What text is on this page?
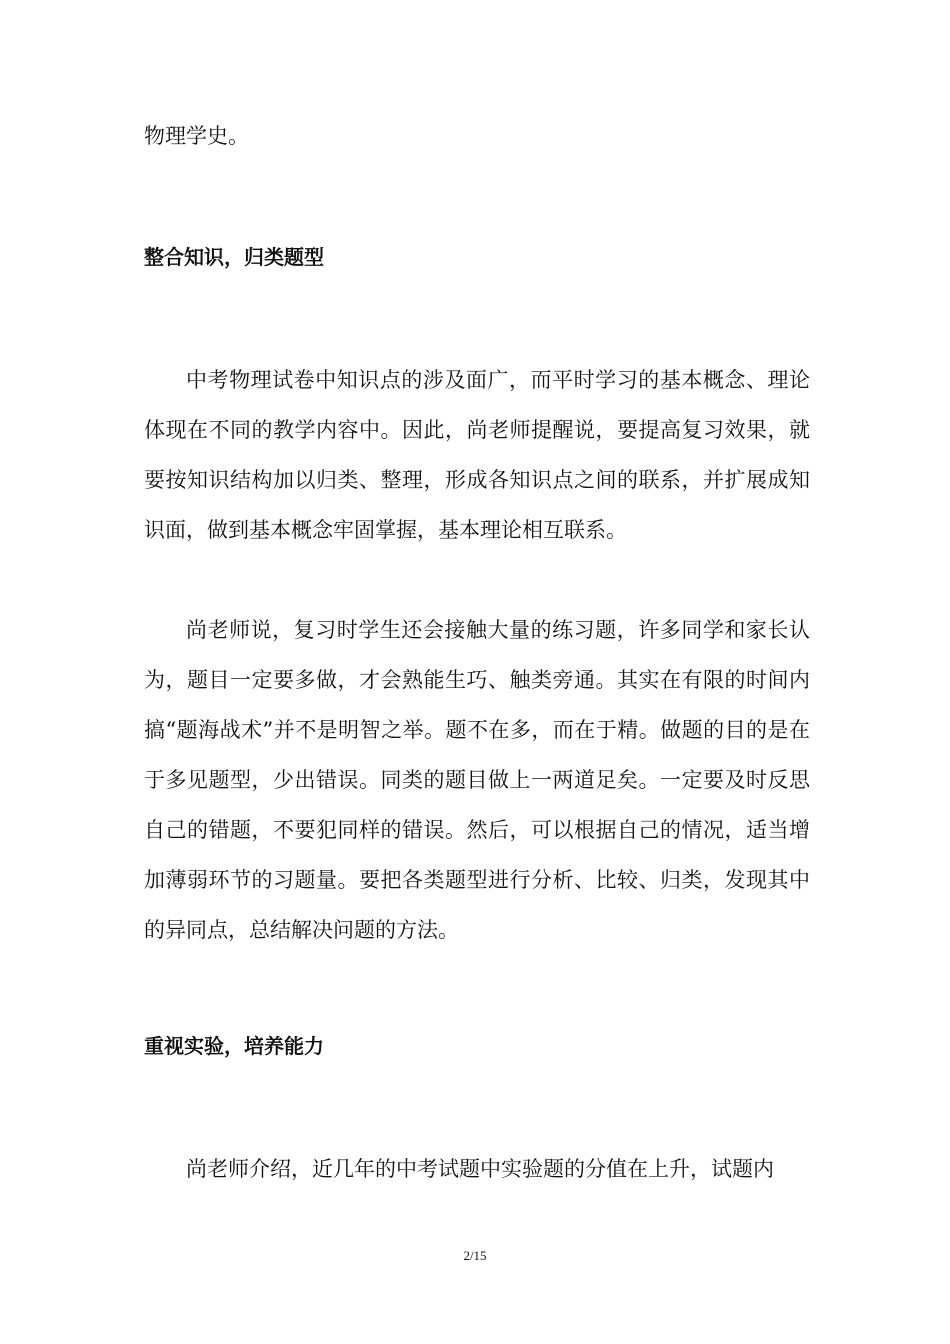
物理学史。
整合知识，归类题型

中考物理试卷中知识点的涉及面广，而平时学习的基本概念、理论体现在不同的教学内容中。因此，尚老师提醒说，要提高复习效果，就要按知识结构加以归类、整理，形成各知识点之间的联系，并扩展成知识面，做到基本概念牢固掌握，基本理论相互联系。

尚老师说，复习时学生还会接触大量的练习题，许多同学和家长认为，题目一定要多做，才会熟能生巧、触类旁通。其实在有限的时间内搞“题海战术”并不是明智之举。题不在多，而在于精。做题的目的是在于多见题型，少出错误。同类的题目做上一两道足矣。一定要及时反思自己的错题，不要犯同样的错误。然后，可以根据自己的情况，适当增加薄弱环节的习题量。要把各类题型进行分析、比较、归类，发现其中的异同点，总结解决问题的方法。

重视实验，培养能力

尚老师介绍，近几年的中考试题中实验题的分值在上升，试题内

2/15
